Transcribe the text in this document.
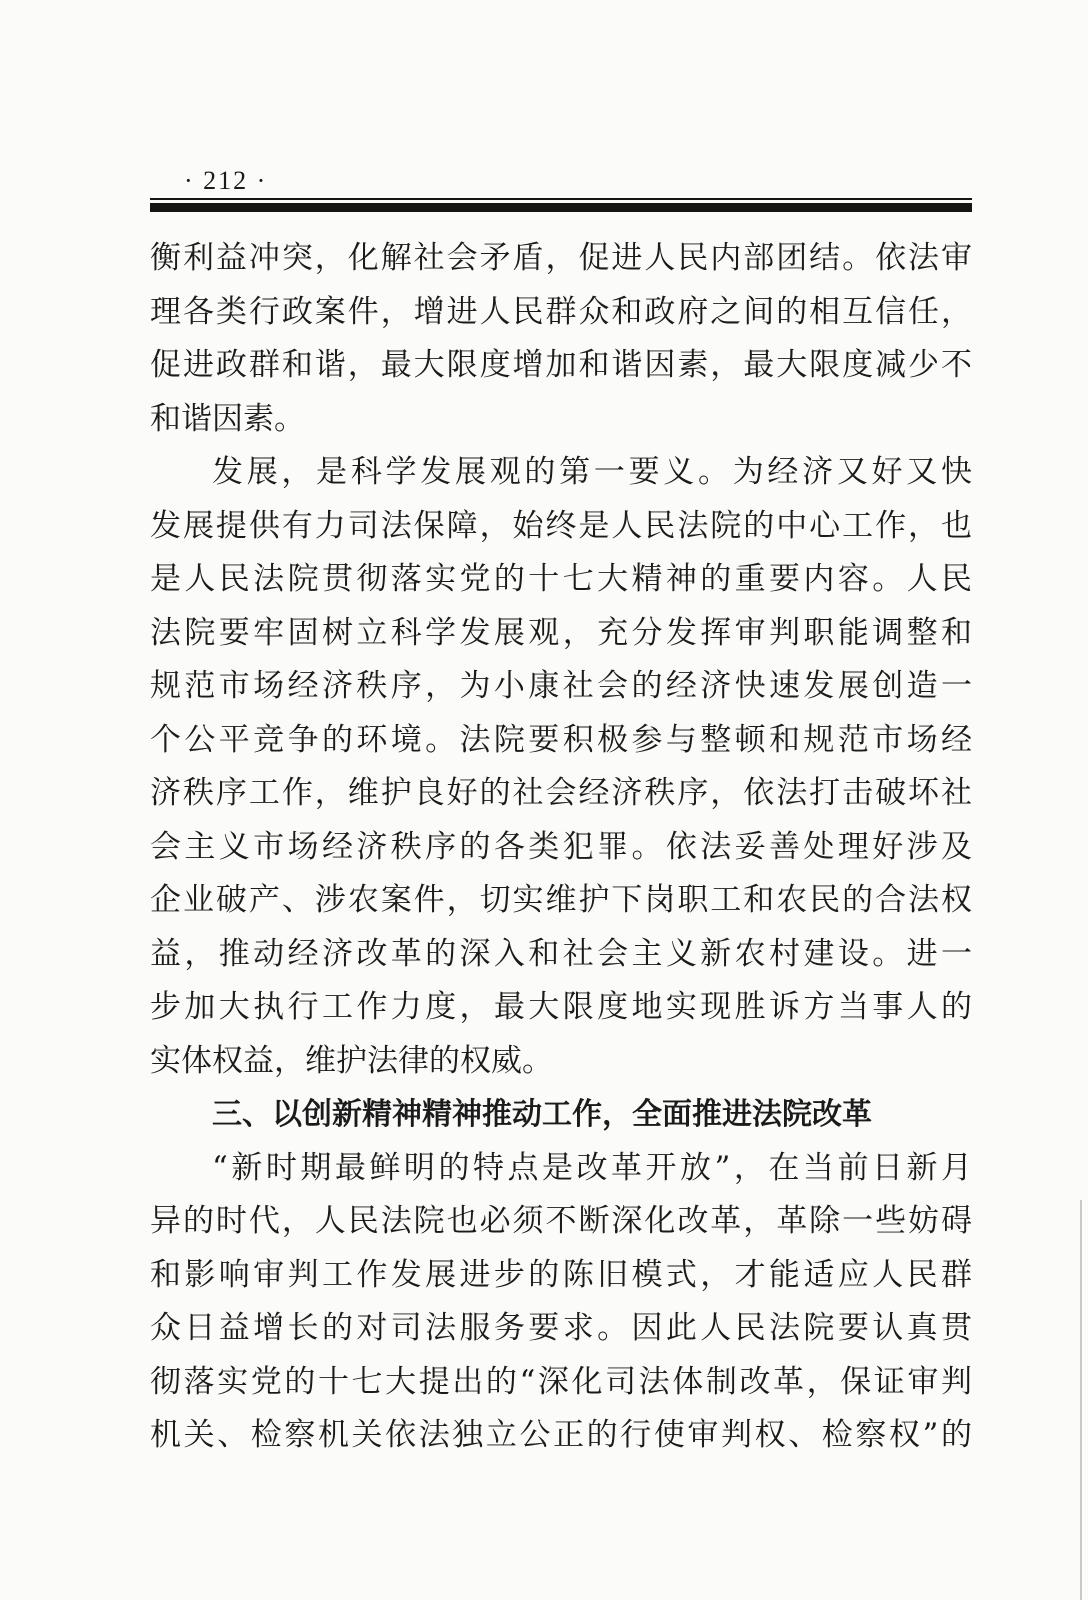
· 212 ·
衡利益冲突，化解社会矛盾，促进人民内部团结。依法审
理各类行政案件，增进人民群众和政府之间的相互信任，
促进政群和谐，最大限度增加和谐因素，最大限度减少不
和谐因素。
发展，是科学发展观的第一要义。为经济又好又快
发展提供有力司法保障，始终是人民法院的中心工作，也
是人民法院贯彻落实党的十七大精神的重要内容。人民
法院要牢固树立科学发展观，充分发挥审判职能调整和
规范市场经济秩序，为小康社会的经济快速发展创造一
个公平竞争的环境。法院要积极参与整顿和规范市场经
济秩序工作，维护良好的社会经济秩序，依法打击破坏社
会主义市场经济秩序的各类犯罪。依法妥善处理好涉及
企业破产、涉农案件，切实维护下岗职工和农民的合法权
益，推动经济改革的深入和社会主义新农村建设。进一
步加大执行工作力度，最大限度地实现胜诉方当事人的
实体权益，维护法律的权威。
三、以创新精神精神推动工作，全面推进法院改革
“新时期最鲜明的特点是改革开放”，在当前日新月
异的时代，人民法院也必须不断深化改革，革除一些妨碍
和影响审判工作发展进步的陈旧模式，才能适应人民群
众日益增长的对司法服务要求。因此人民法院要认真贯
彻落实党的十七大提出的“深化司法体制改革，保证审判
机关、检察机关依法独立公正的行使审判权、检察权”的
